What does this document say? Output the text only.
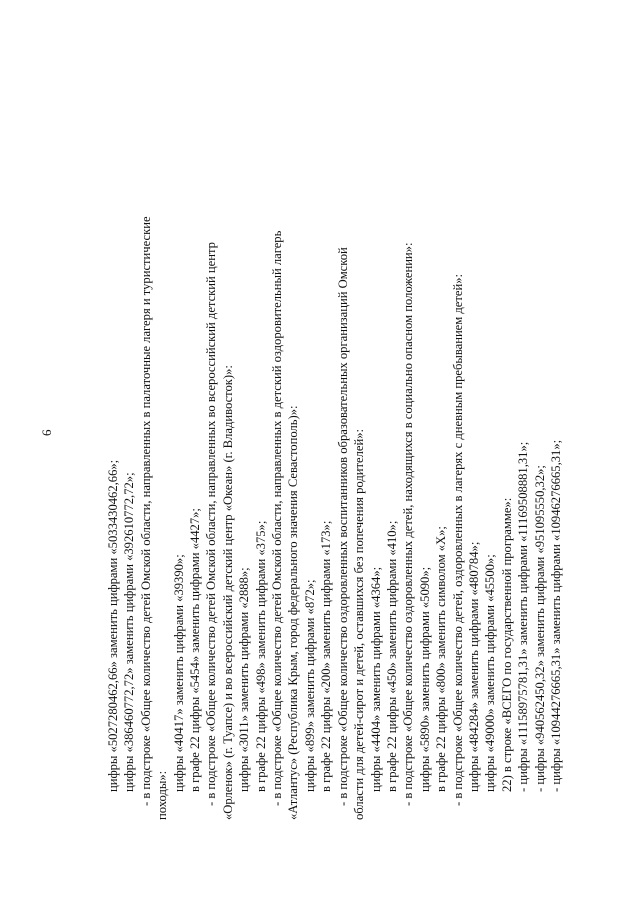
6
цифры «5027280462,66» заменить цифрами «5033430462,66»; цифры «386460772,72» заменить цифрами «392610772,72»; - в подстроке «Общее количество детей Омской области, направленных в палаточные лагеря и туристические походы»:
цифры «40417» заменить цифрами «39390»; в графе 22 цифры «5454» заменить цифрами «4427»; - в подстроке «Общее количество детей Омской области, направленных во всероссийский детский центр «Орленок» (г. Туапсе) и во всероссийский детский центр «Океан» (г. Владивосток)»: цифры «3011» заменить цифрами «2888»; в графе 22 цифры «498» заменить цифрами «375»; - в подстроке «Общее количество детей Омской области, направленных в детский оздоровительный лагерь «Атлантус» (Республика Крым, город федерального значения Севастополь)»: цифры «899» заменить цифрами «872»; в графе 22 цифры «200» заменить цифрами «173»; - в подстроке «Общее количество оздоровленных воспитанников образовательных организаций Омской области для детей-сирот и детей, оставшихся без попечения родителей»: цифры «4404» заменить цифрами «4364»; в графе 22 цифры «450» заменить цифрами «410»; - в подстроке «Общее количество оздоровленных детей, находящихся в социально опасном положении»: цифры «5890» заменить цифрами «5090»; в графе 22 цифры «800» заменить символом «Х»; - в подстроке «Общее количество детей, оздоровленных в лагерях с дневным пребыванием детей»: цифры «484284» заменить цифрами «480784»; цифры «49000» заменить цифрами «45500»; 22) в строке «ВСЕГО по государственной программе»: - цифры «11158975781,31» заменить цифрами «11169508881,31»; - цифры «940562450,32» заменить цифрами «951095550,32»; - цифры «10944276665,31» заменить цифрами «10946276665,31»;
